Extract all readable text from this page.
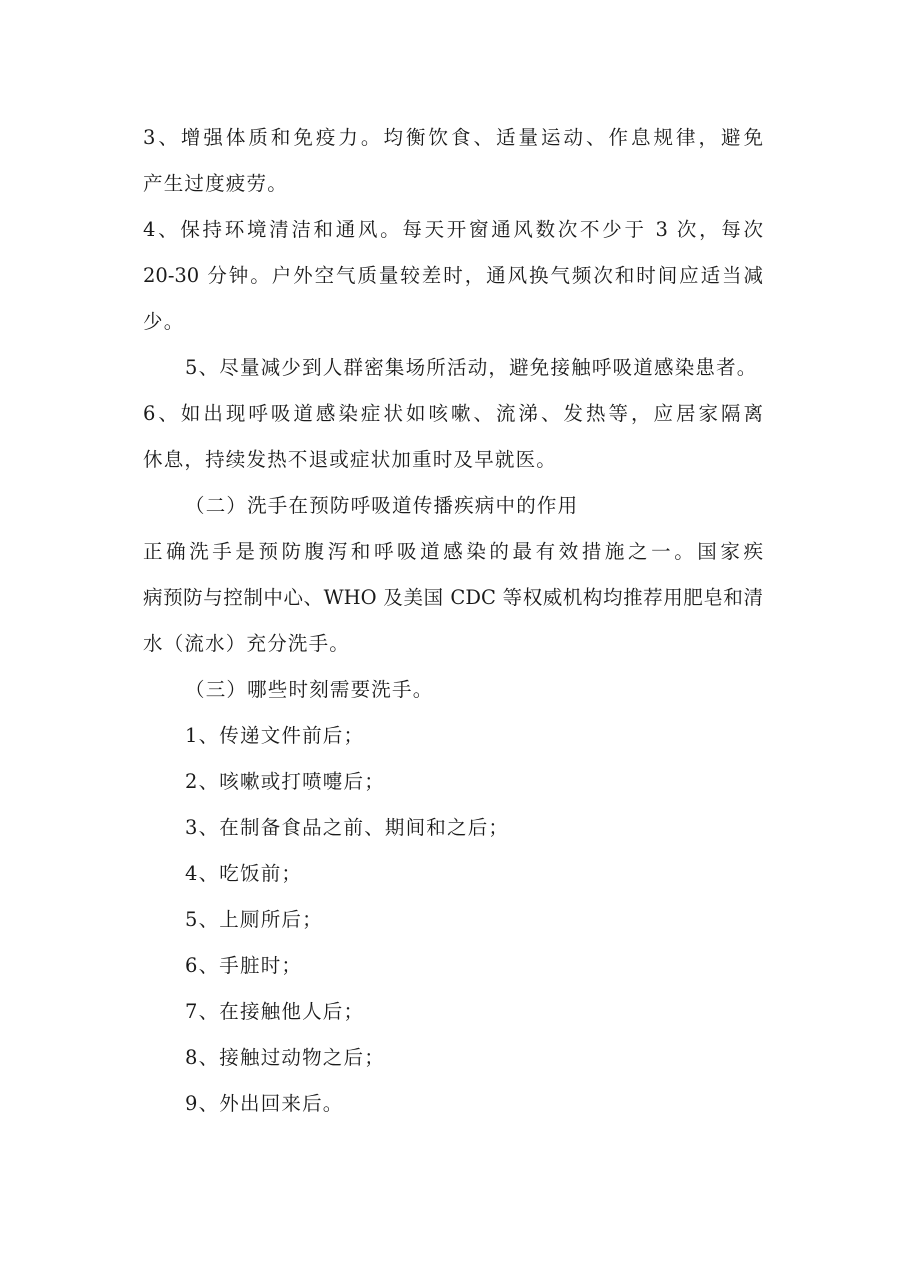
3、增强体质和免疫力。均衡饮食、适量运动、作息规律，避免
产生过度疲劳。
4、保持环境清洁和通风。每天开窗通风数次不少于 3 次，每次
20-30 分钟。户外空气质量较差时，通风换气频次和时间应适当减
少。
5、尽量减少到人群密集场所活动，避免接触呼吸道感染患者。
6、如出现呼吸道感染症状如咳嗽、流涕、发热等，应居家隔离
休息，持续发热不退或症状加重时及早就医。
（二）洗手在预防呼吸道传播疾病中的作用
正确洗手是预防腹泻和呼吸道感染的最有效措施之一。国家疾
病预防与控制中心、WHO 及美国 CDC 等权威机构均推荐用肥皂和清
水（流水）充分洗手。
（三）哪些时刻需要洗手。
1、传递文件前后；
2、咳嗽或打喷嚏后；
3、在制备食品之前、期间和之后；
4、吃饭前；
5、上厕所后；
6、手脏时；
7、在接触他人后；
8、接触过动物之后；
9、外出回来后。
